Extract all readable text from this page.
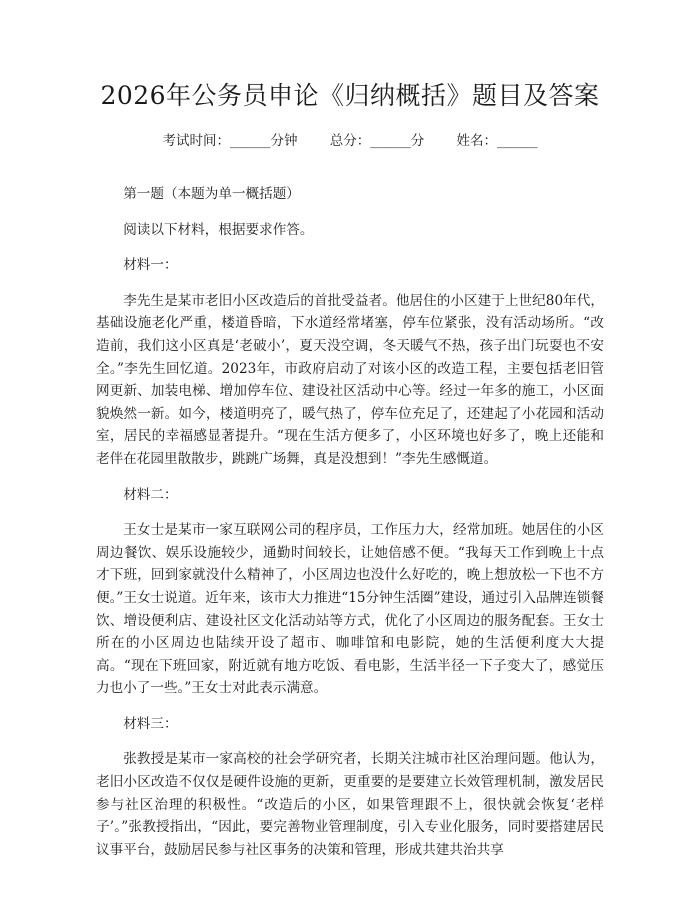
2026年公务员申论《归纳概括》题目及答案
考试时间：______分钟 总分：______分 姓名：______

第一题（本题为单一概括题）

阅读以下材料，根据要求作答。

材料一：

李先生是某市老旧小区改造后的首批受益者。他居住的小区建于上世纪80年代，基础设施老化严重，楼道昏暗，下水道经常堵塞，停车位紧张，没有活动场所。“改造前，我们这小区真是‘老破小’，夏天没空调，冬天暖气不热，孩子出门玩耍也不安全。”李先生回忆道。2023年，市政府启动了对该小区的改造工程，主要包括老旧管网更新、加装电梯、增加停车位、建设社区活动中心等。经过一年多的施工，小区面貌焕然一新。如今，楼道明亮了，暖气热了，停车位充足了，还建起了小花园和活动室，居民的幸福感显著提升。“现在生活方便多了，小区环境也好多了，晚上还能和老伴在花园里散散步，跳跳广场舞，真是没想到！”李先生感慨道。

材料二：

王女士是某市一家互联网公司的程序员，工作压力大，经常加班。她居住的小区周边餐饮、娱乐设施较少，通勤时间较长，让她倍感不便。“我每天工作到晚上十点才下班，回到家就没什么精神了，小区周边也没什么好吃的，晚上想放松一下也不方便。”王女士说道。近年来，该市大力推进“15分钟生活圈”建设，通过引入品牌连锁餐饮、增设便利店、建设社区文化活动站等方式，优化了小区周边的服务配套。王女士所在的小区周边也陆续开设了超市、咖啡馆和电影院，她的生活便利度大大提高。“现在下班回家，附近就有地方吃饭、看电影，生活半径一下子变大了，感觉压力也小了一些。”王女士对此表示满意。

材料三：

张教授是某市一家高校的社会学研究者，长期关注城市社区治理问题。他认为，老旧小区改造不仅仅是硬件设施的更新，更重要的是要建立长效管理机制，激发居民参与社区治理的积极性。“改造后的小区，如果管理跟不上，很快就会恢复‘老样子’。”张教授指出，“因此，要完善物业管理制度，引入专业化服务，同时要搭建居民议事平台，鼓励居民参与社区事务的决策和管理，形成共建共治共享
